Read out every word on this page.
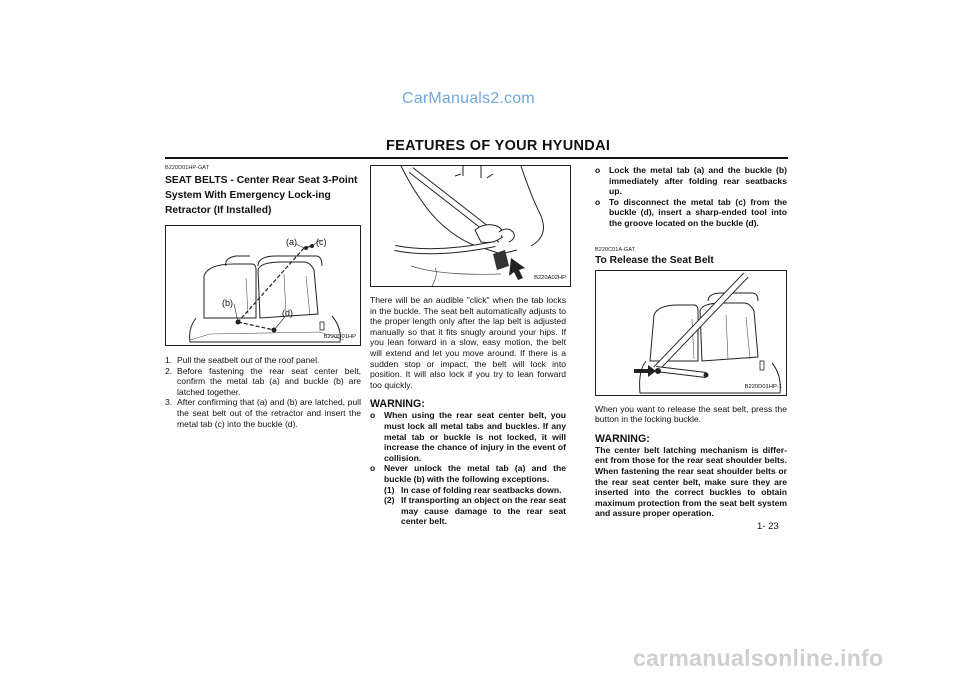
CarManuals2.com
FEATURES OF YOUR HYUNDAI
B220D01HP-GAT
SEAT BELTS - Center Rear Seat 3-Point System With Emergency Lock-ing Retractor (If Installed)
(a) (c)
(b)
(d)
B220D01HP
1. Pull the seatbelt out of the roof panel.
2. Before fastening the rear seat center belt, confirm the metal tab (a) and buckle (b) are latched together.
3. After confirming that (a) and (b) are latched, pull the seat belt out of the retractor and insert the metal tab (c) into the buckle (d).
B220A02HP

There will be an audible "click" when the tab locks in the buckle. The seat belt automatically adjusts to the proper length only after the lap belt is adjusted manually so that it fits snugly around your hips. If you lean forward in a slow, easy motion, the belt will extend and let you move around. If there is a sudden stop or impact, the belt will lock into position. It will also lock if you try to lean forward too quickly.

WARNING:
o	When using the rear seat center belt, you must lock all metal tabs and buckles. If any metal tab or buckle is not locked, it will increase the chance of injury in the event of collision.
o	Never unlock the metal tab (a) and the buckle (b) with the following exceptions.
(1) In case of folding rear seatbacks down.
(2) If transporting an object on the rear seat may cause damage to the rear seat center belt.
o	Lock the metal tab (a) and the buckle (b) immediately after folding rear seatbacks up.
o	To disconnect the metal tab (c) from the buckle (d), insert a sharp-ended tool into the groove located on the buckle (d).
B220C01A-GAT
To Release the Seat Belt
B220D01HP-1

When you want to release the seat belt, press the button in the locking buckle.

WARNING:
The center belt latching mechanism is differ-ent from those for the rear seat shoulder belts. When fastening the rear seat shoulder belts or the rear seat center belt, make sure they are inserted into the correct buckles to obtain maximum protection from the seat belt system and assure proper operation.
1- 23
carmanualsonline.info
